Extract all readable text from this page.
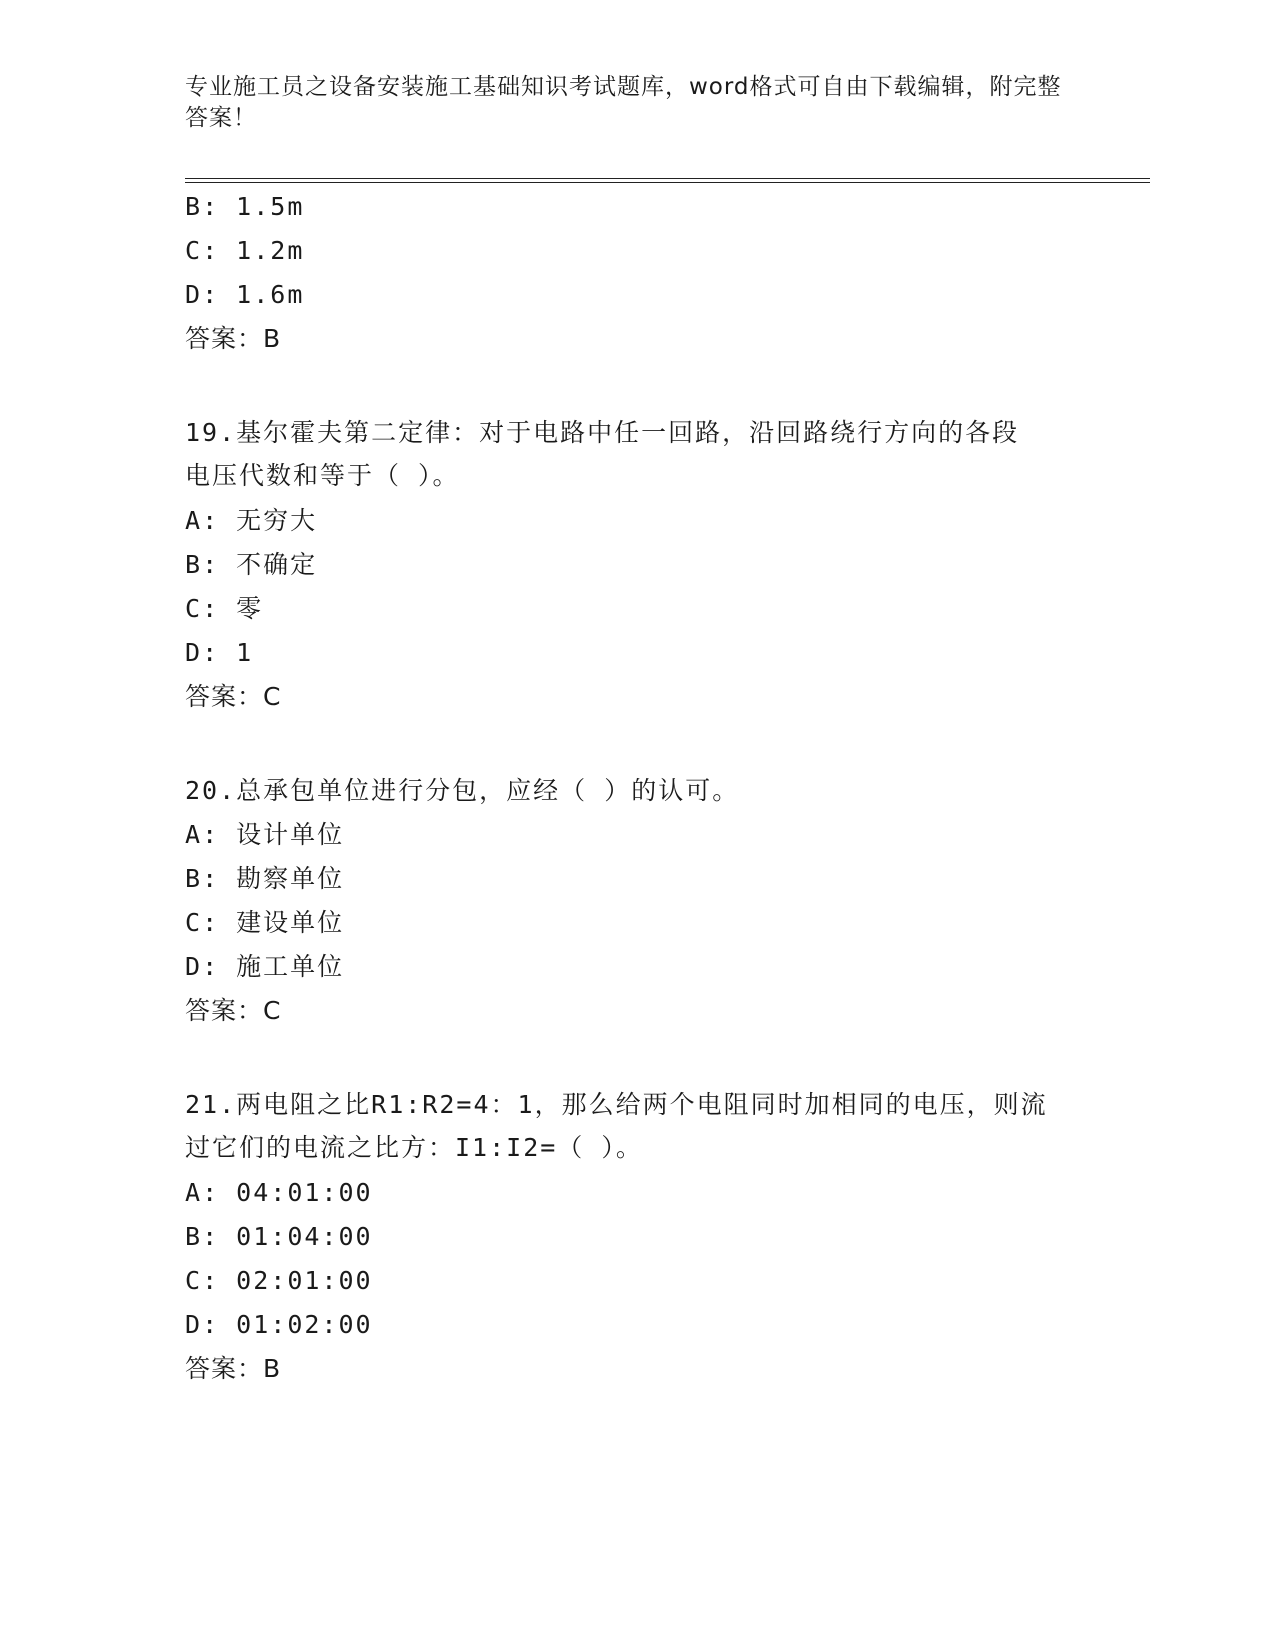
专业施工员之设备安装施工基础知识考试题库，word格式可自由下载编辑，附完整答案！
B: 1.5m
C: 1.2m
D: 1.6m
答案：B
19.基尔霍夫第二定律：对于电路中任一回路，沿回路绕行方向的各段
电压代数和等于（ ）。
A: 无穷大
B: 不确定
C: 零
D: 1
答案：C
20.总承包单位进行分包，应经（ ）的认可。
A: 设计单位
B: 勘察单位
C: 建设单位
D: 施工单位
答案：C
21.两电阻之比R1:R2=4：1，那么给两个电阻同时加相同的电压，则流
过它们的电流之比方：I1:I2=（ ）。
A: 04:01:00
B: 01:04:00
C: 02:01:00
D: 01:02:00
答案：B
